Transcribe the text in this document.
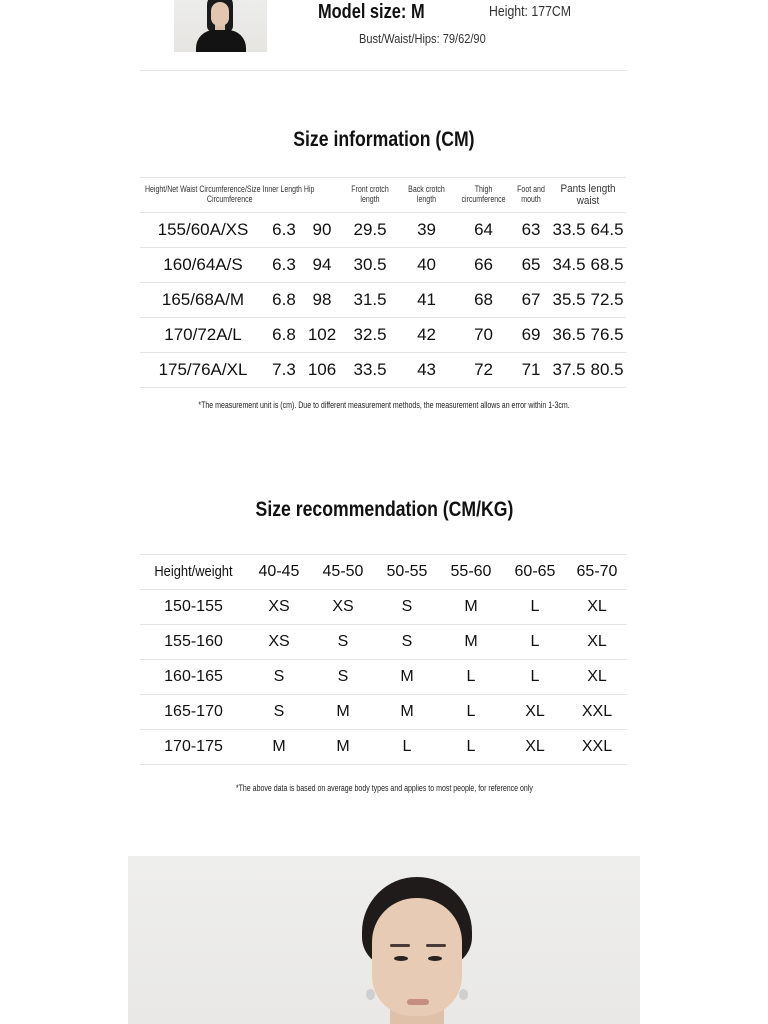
Model size: M	Height: 177CM
Bust/Waist/Hips: 79/62/90
Size information (CM)
Height/Net Waist Circumference/Size Inner Length Hip Circumference			Front crotch length	Back crotch length	Thigh circumference	Foot and mouth	Pants length waist	
155/60A/XS	6.3	90	29.5	39	64	63	33.5	64.5
160/64A/S	6.3	94	30.5	40	66	65	34.5	68.5
165/68A/M	6.8	98	31.5	41	68	67	35.5	72.5
170/72A/L	6.8	102	32.5	42	70	69	36.5	76.5
175/76A/XL	7.3	106	33.5	43	72	71	37.5	80.5
*The measurement unit is (cm). Due to different measurement methods, the measurement allows an error within 1-3cm.
Size recommendation (CM/KG)
Height/weight	40-45	45-50	50-55	55-60	60-65	65-70
150-155	XS	XS	S	M	L	XL
155-160	XS	S	S	M	L	XL
160-165	S	S	M	L	L	XL
165-170	S	M	M	L	XL	XXL
170-175	M	M	L	L	XL	XXL
*The above data is based on average body types and applies to most people, for reference only
